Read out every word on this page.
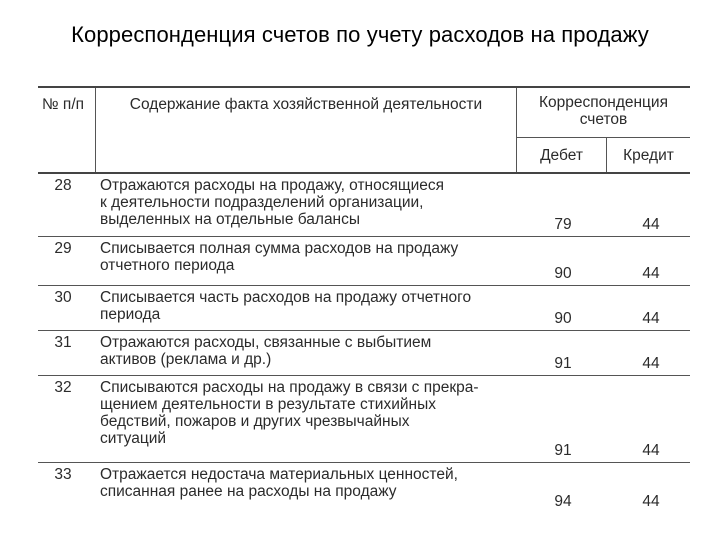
Корреспонденция счетов по учету расходов на продажу
№ п/п	Содержание факта хозяйственной деятельности	Корреспонденция
счетов
Дебет	Кредит
28	Отражаются расходы на продажу, относящиеся
к деятельности подразделений организации,
выделенных на отдельные балансы	79	44
29	Списывается полная сумма расходов на продажу
отчетного периода	90	44
30	Списывается часть расходов на продажу отчетного
периода	90	44
31	Отражаются расходы, связанные с выбытием
активов (реклама и др.)	91	44
32	Списываются расходы на продажу в связи с прекра-
щением деятельности в результате стихийных
бедствий, пожаров и других чрезвычайных
ситуаций
91	44
33	Отражается недостача материальных ценностей,
списанная ранее на расходы на продажу
94	44
